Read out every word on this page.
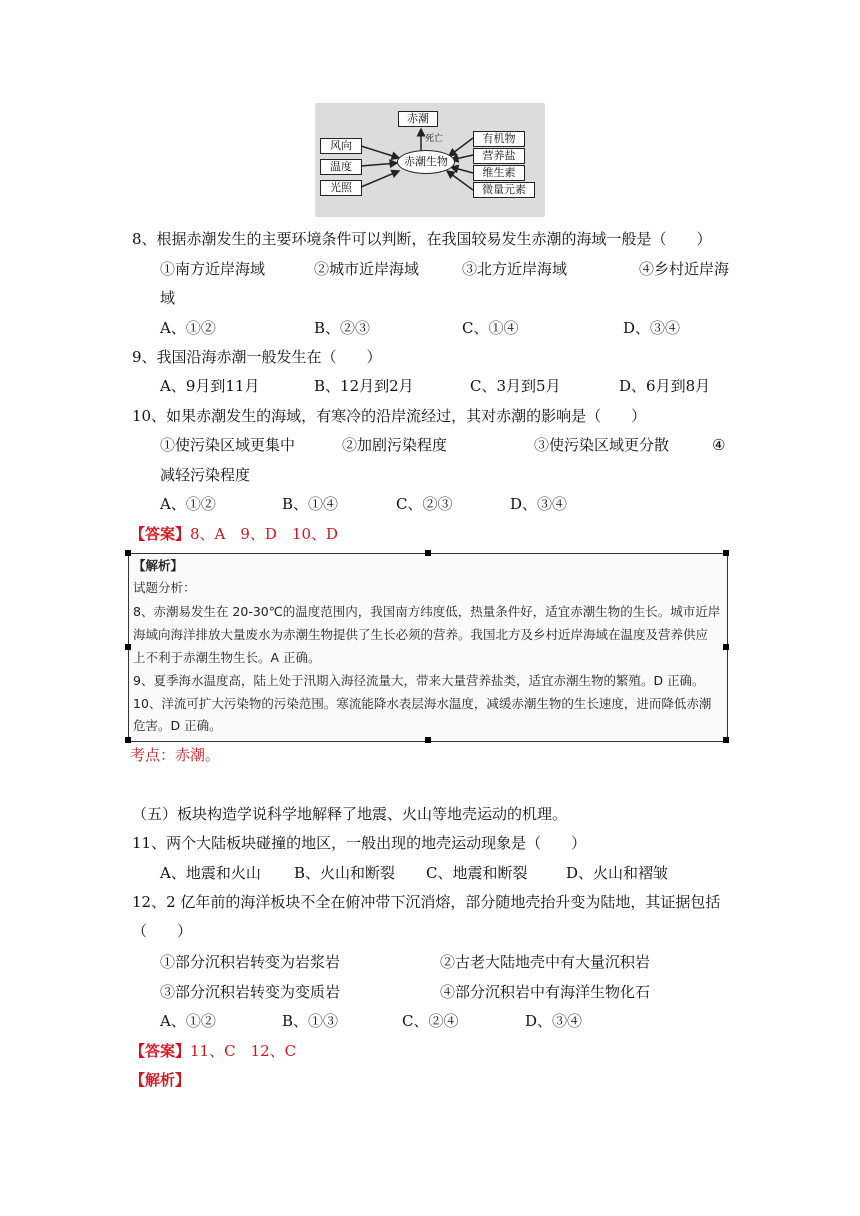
赤潮
死亡
赤潮生物
风向
温度
光照
有机物
营养盐
维生素
微量元素
8、根据赤潮发生的主要环境条件可以判断，在我国较易发生赤潮的海域一般是（　　）
①南方近岸海域	②城市近岸海域	③北方近岸海域	④乡村近岸海
域
A、①②	B、②③	C、①④	D、③④
9、我国沿海赤潮一般发生在（　　）
A、9月到11月	B、12月到2月	C、3月到5月	D、6月到8月
10、如果赤潮发生的海域，有寒冷的沿岸流经过，其对赤潮的影响是（　　）
①使污染区域更集中	②加剧污染程度	③使污染区域更分散	④
减轻污染程度
A、①②	B、①④	C、②③	D、③④
【答案】8、A　9、D　10、D
【解析】
试题分析：
8、赤潮易发生在 20-30℃的温度范围内，我国南方纬度低，热量条件好，适宜赤潮生物的生长。城市近岸
海域向海洋排放大量废水为赤潮生物提供了生长必须的营养。我国北方及乡村近岸海域在温度及营养供应
上不利于赤潮生物生长。A 正确。
9、夏季海水温度高，陆上处于汛期入海径流量大，带来大量营养盐类，适宜赤潮生物的繁殖。D 正确。
10、洋流可扩大污染物的污染范围。寒流能降水表层海水温度，减缓赤潮生物的生长速度，进而降低赤潮
危害。D 正确。
考点：赤潮。
（五）板块构造学说科学地解释了地震、火山等地壳运动的机理。
11、两个大陆板块碰撞的地区，一般出现的地壳运动现象是（　　）
A、地震和火山 B、火山和断裂 C、地震和断裂	D、火山和褶皱
12、2 亿年前的海洋板块不全在俯冲带下沉消熔，部分随地壳抬升变为陆地，其证据包括
（　　）
①部分沉积岩转变为岩浆岩	②古老大陆地壳中有大量沉积岩
③部分沉积岩转变为变质岩	④部分沉积岩中有海洋生物化石
A、①②	B、①③	C、②④	D、③④
【答案】11、C　12、C
【解析】
